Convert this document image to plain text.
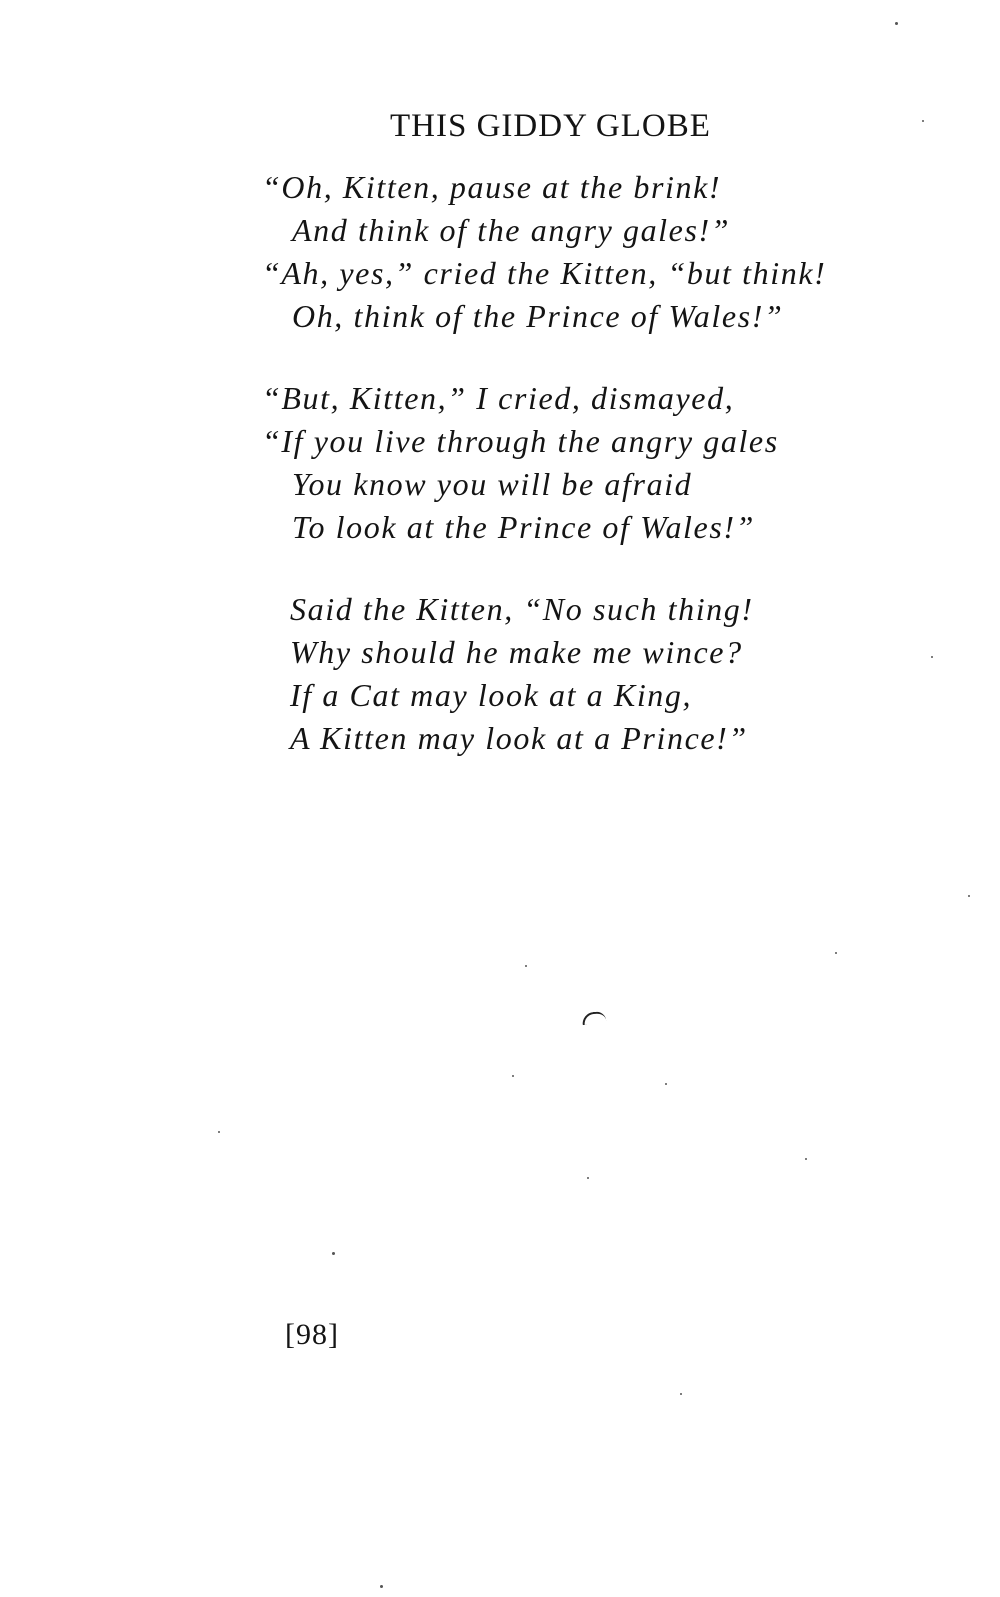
THIS GIDDY GLOBE
“Oh, Kitten, pause at the brink!
And think of the angry gales!”
“Ah, yes,” cried the Kitten, “but think!
Oh, think of the Prince of Wales!”
“But, Kitten,” I cried, dismayed,
“If you live through the angry gales
You know you will be afraid
To look at the Prince of Wales!”
Said the Kitten, “No such thing!
Why should he make me wince?
If a Cat may look at a King,
A Kitten may look at a Prince!”
[98]
